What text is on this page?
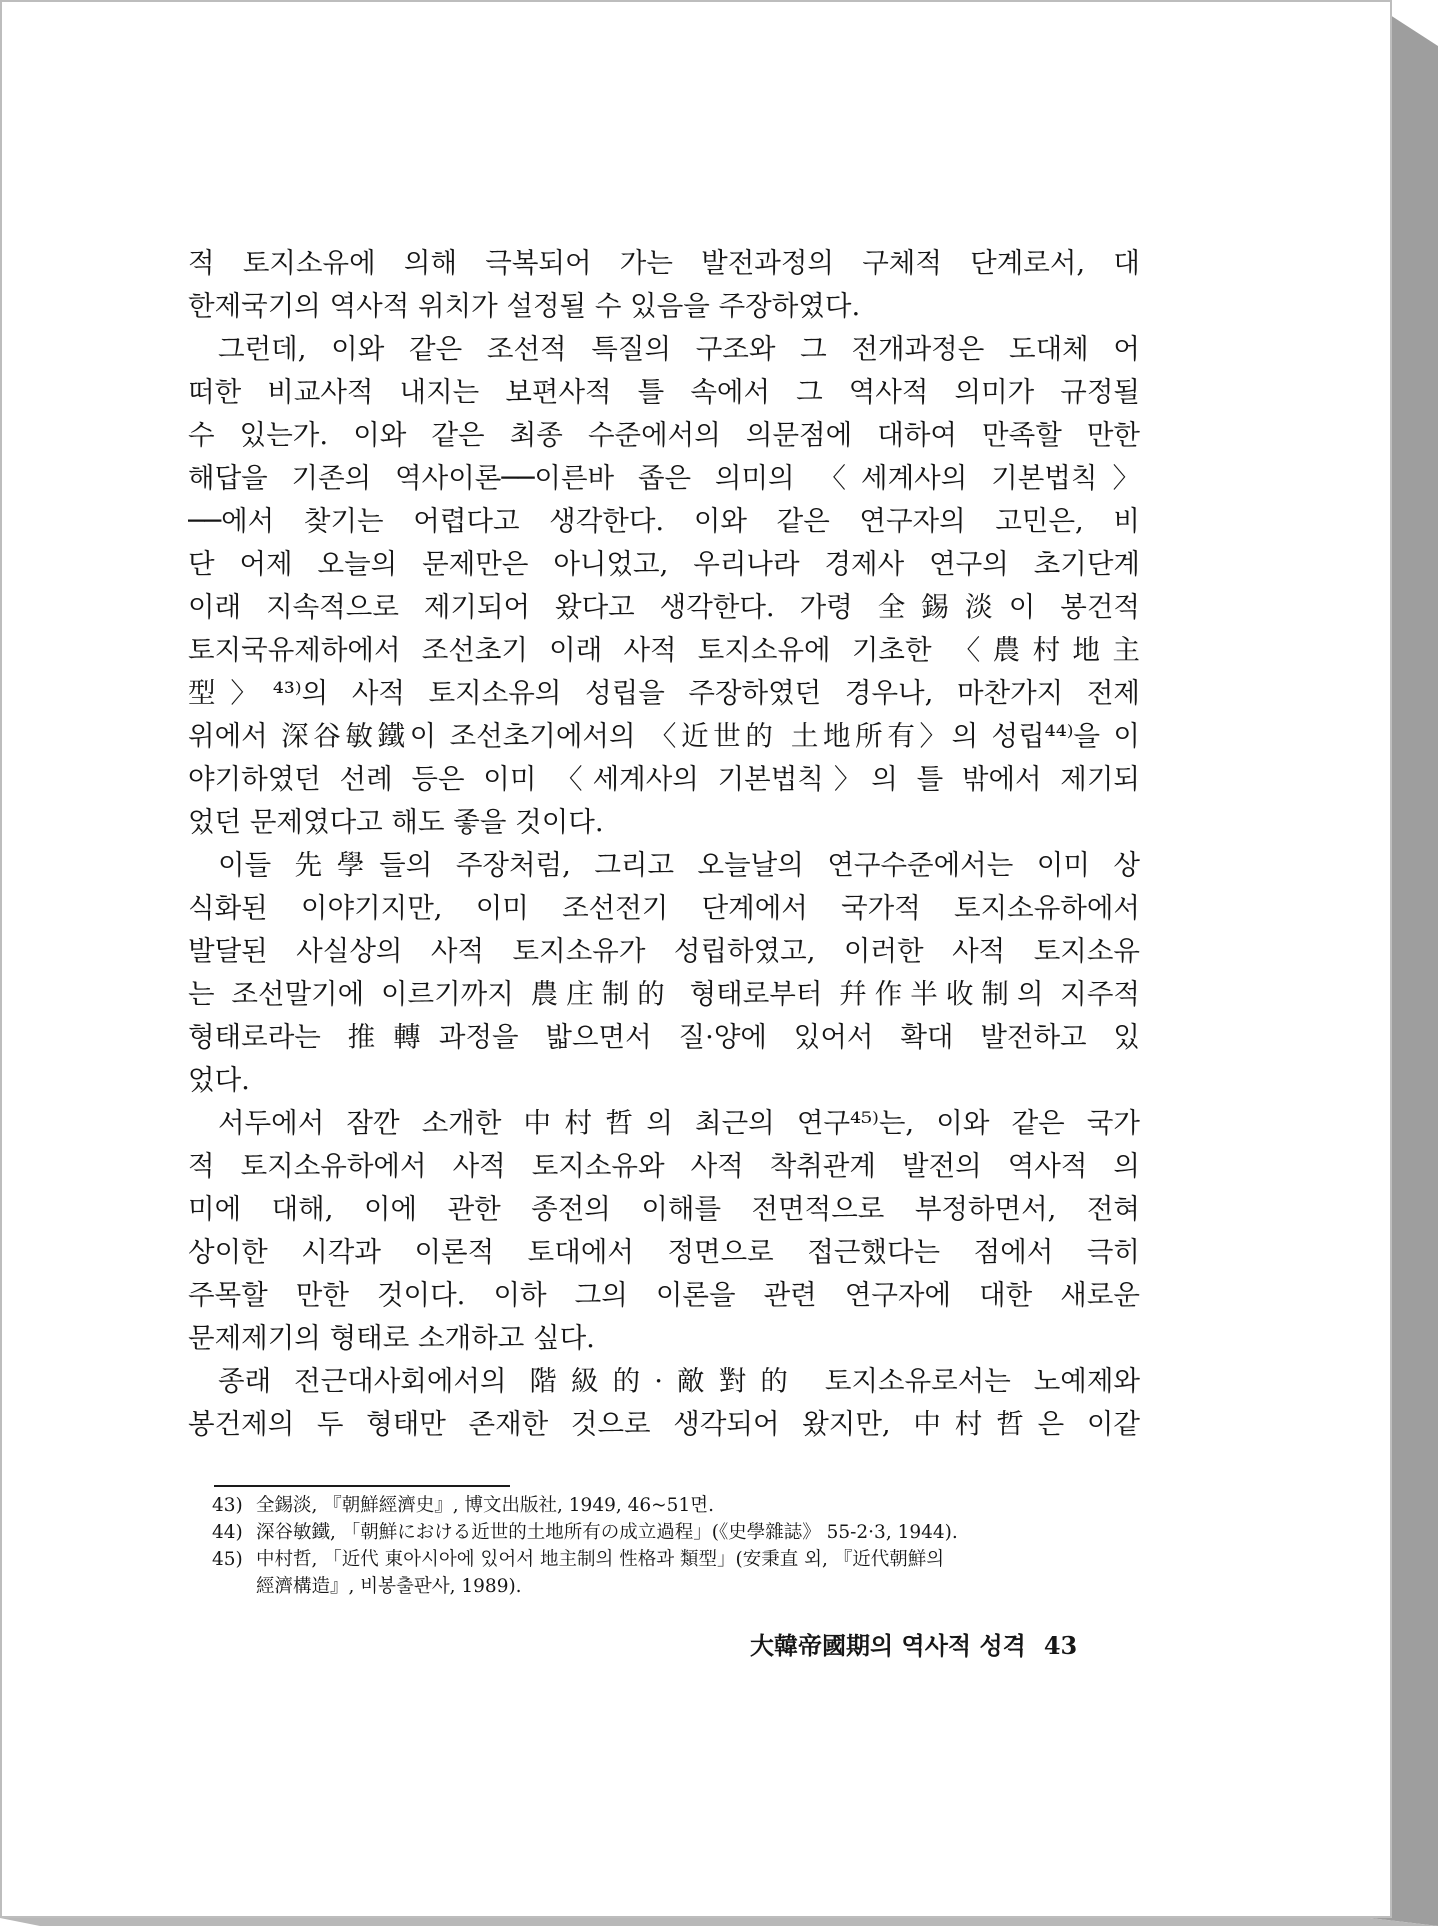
적 토지소유에 의해 극복되어 가는 발전과정의 구체적 단계로서, 대
한제국기의 역사적 위치가 설정될 수 있음을 주장하였다.
그런데, 이와 같은 조선적 특질의 구조와 그 전개과정은 도대체 어
떠한 비교사적 내지는 보편사적 틀 속에서 그 역사적 의미가 규정될
수 있는가. 이와 같은 최종 수준에서의 의문점에 대하여 만족할 만한
해답을 기존의 역사이론──이른바 좁은 의미의 〈세계사의 기본법칙〉
──에서 찾기는 어렵다고 생각한다. 이와 같은 연구자의 고민은, 비
단 어제 오늘의 문제만은 아니었고, 우리나라 경제사 연구의 초기단계
이래 지속적으로 제기되어 왔다고 생각한다. 가령 全錫淡이 봉건적
토지국유제하에서 조선초기 이래 사적 토지소유에 기초한 〈農村地主
型〉⁴³⁾의 사적 토지소유의 성립을 주장하였던 경우나, 마찬가지 전제
위에서 深谷敏鐵이 조선초기에서의 〈近世的 土地所有〉의 성립⁴⁴⁾을 이
야기하였던 선례 등은 이미 〈세계사의 기본법칙〉의 틀 밖에서 제기되
었던 문제였다고 해도 좋을 것이다.
이들 先學들의 주장처럼, 그리고 오늘날의 연구수준에서는 이미 상
식화된 이야기지만, 이미 조선전기 단계에서 국가적 토지소유하에서
발달된 사실상의 사적 토지소유가 성립하였고, 이러한 사적 토지소유
는 조선말기에 이르기까지 農庄制的 형태로부터 幷作半收制의 지주적
형태로라는 推轉과정을 밟으면서 질·양에 있어서 확대 발전하고 있
었다.
서두에서 잠깐 소개한 中村哲의 최근의 연구⁴⁵⁾는, 이와 같은 국가
적 토지소유하에서 사적 토지소유와 사적 착취관계 발전의 역사적 의
미에 대해, 이에 관한 종전의 이해를 전면적으로 부정하면서, 전혀
상이한 시각과 이론적 토대에서 정면으로 접근했다는 점에서 극히
주목할 만한 것이다. 이하 그의 이론을 관련 연구자에 대한 새로운
문제제기의 형태로 소개하고 싶다.
종래 전근대사회에서의 階級的·敵對的 토지소유로서는 노예제와
봉건제의 두 형태만 존재한 것으로 생각되어 왔지만, 中村哲은 이같
43) 全錫淡, 『朝鮮經濟史』, 博文出版社, 1949, 46~51면.
44) 深谷敏鐵, 「朝鮮における近世的土地所有の成立過程」(《史學雜誌》 55-2·3, 1944).
45) 中村哲, 「近代 東아시아에 있어서 地主制의 性格과 類型」(安秉直 외, 『近代朝鮮의
經濟構造』, 비봉출판사, 1989).
大韓帝國期의 역사적 성격 43
